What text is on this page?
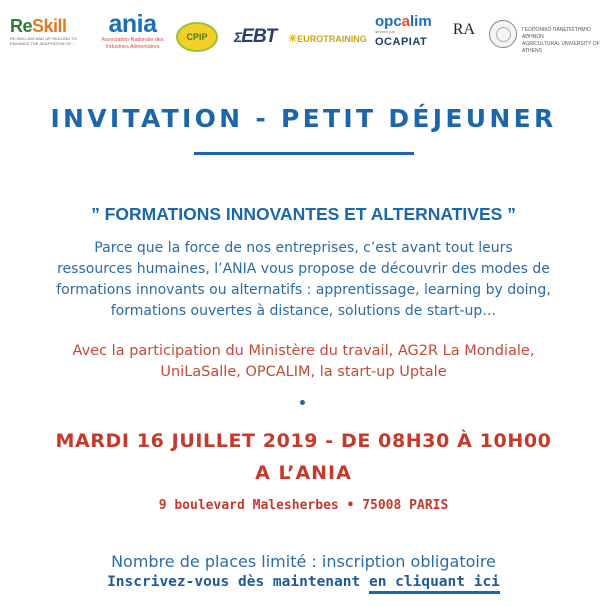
ReSkill
RE-SKILLING AND UP-SKILLING TO ENHANCE THE ADAPTATION OF ...
ania
Association Nationale des
Industries Alimentaires
CPIP	ΣEBT ✳EUROTRAINING
opcalim
devenir par
OCAPIAT
RA	ΓΕΩΠΟΝΙΚΟ ΠΑΝΕΠΙΣΤΗΜΙΟ ΑΘΗΝΩΝ
AGRICULTURAL UNIVERSITY OF ATHENS
INVITATION - PETIT DÉJEUNER
” FORMATIONS INNOVANTES ET ALTERNATIVES ”
Parce que la force de nos entreprises, c’est avant tout leurs
ressources humaines, l’ANIA vous propose de découvrir des modes de
formations innovants ou alternatifs : apprentissage, learning by doing,
formations ouvertes à distance, solutions de start-up…
Avec la participation du Ministère du travail, AG2R La Mondiale,
UniLaSalle, OPCALIM, la start-up Uptale
MARDI 16 JUILLET 2019 - DE 08H30 À 10H00
A L’ANIA
9 boulevard Malesherbes • 75008 PARIS
Nombre de places limité : inscription obligatoire
Inscrivez-vous dès maintenant en cliquant ici
